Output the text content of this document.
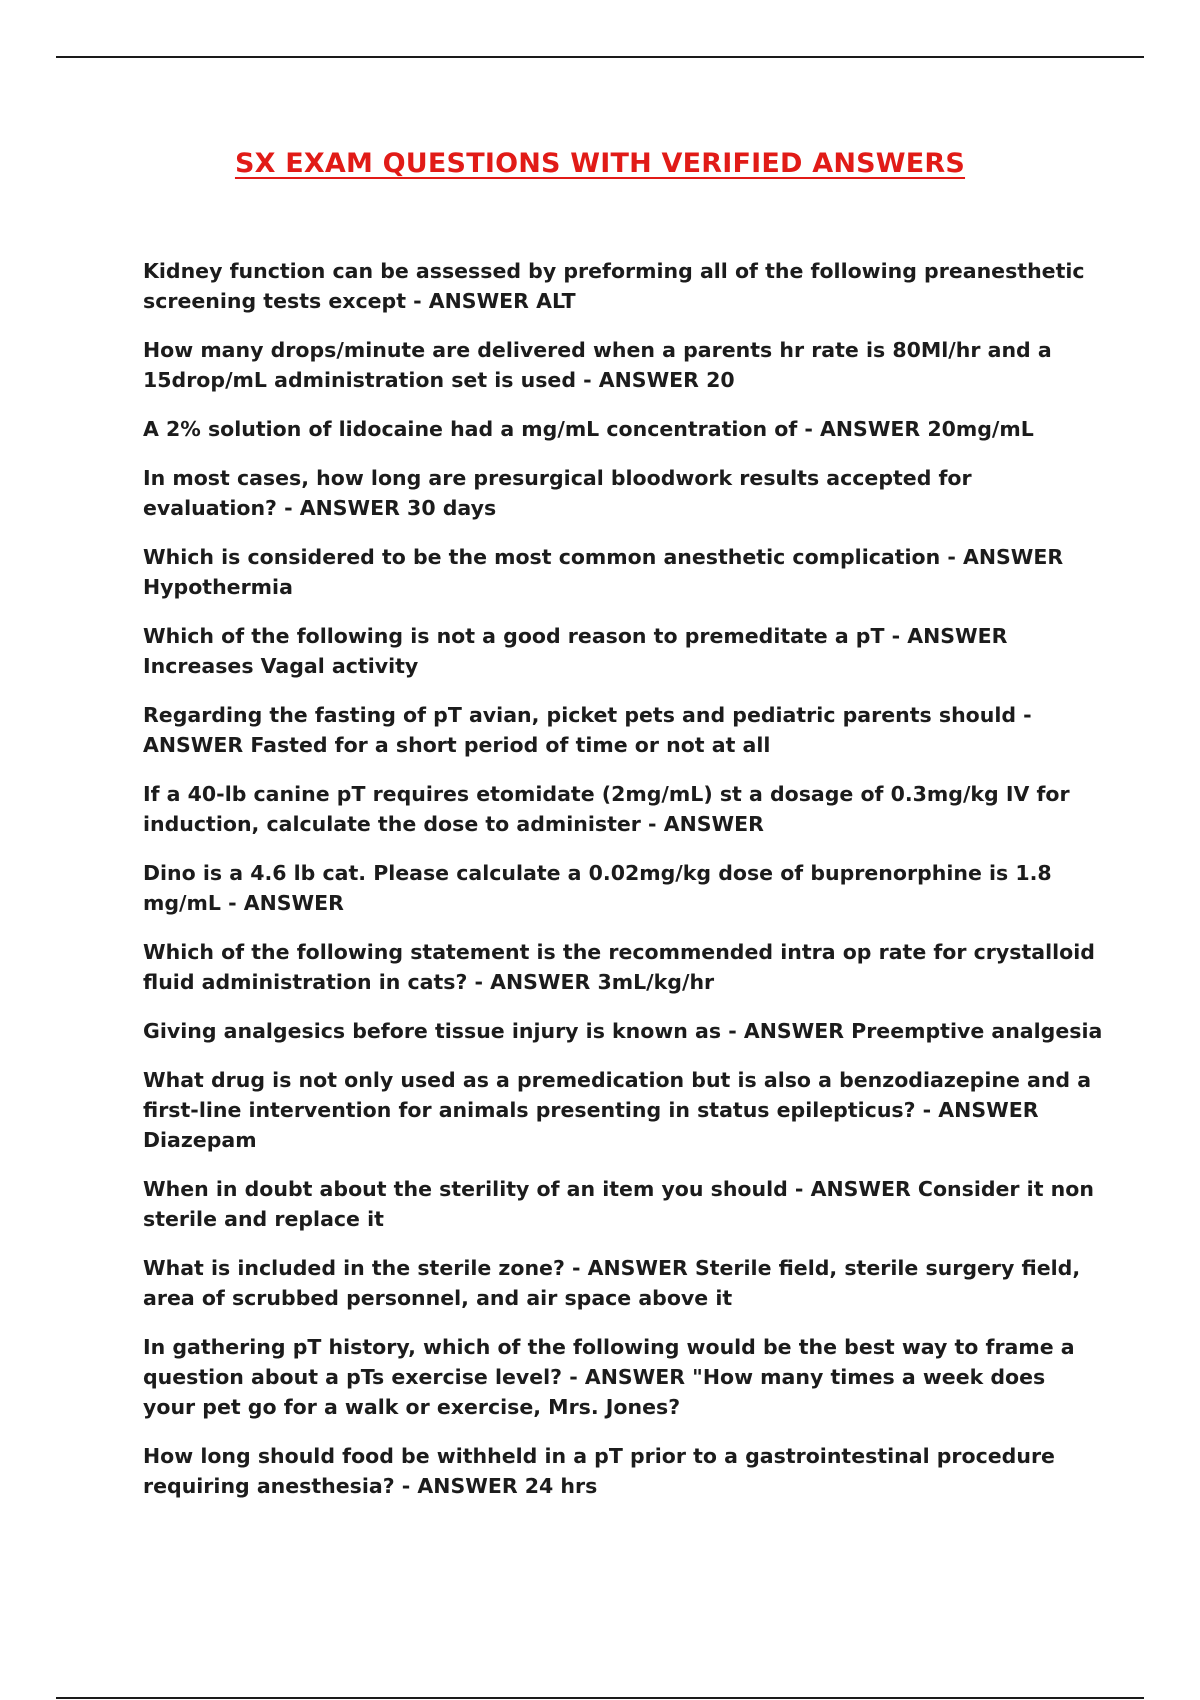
SX EXAM QUESTIONS WITH VERIFIED ANSWERS

Kidney function can be assessed by preforming all of the following preanesthetic screening tests except - ANSWER ALT

How many drops/minute are delivered when a parents hr rate is 80Ml/hr and a 15drop/mL administration set is used - ANSWER 20

A 2% solution of lidocaine had a mg/mL concentration of - ANSWER 20mg/mL

In most cases, how long are presurgical bloodwork results accepted for evaluation? - ANSWER 30 days

Which is considered to be the most common anesthetic complication - ANSWER Hypothermia

Which of the following is not a good reason to premeditate a pT - ANSWER Increases Vagal activity

Regarding the fasting of pT avian, picket pets and pediatric parents should - ANSWER Fasted for a short period of time or not at all

If a 40-lb canine pT requires etomidate (2mg/mL) st a dosage of 0.3mg/kg IV for induction, calculate the dose to administer - ANSWER

Dino is a 4.6 lb cat. Please calculate a 0.02mg/kg dose of buprenorphine is 1.8 mg/mL - ANSWER

Which of the following statement is the recommended intra op rate for crystalloid fluid administration in cats? - ANSWER 3mL/kg/hr

Giving analgesics before tissue injury is known as - ANSWER Preemptive analgesia

What drug is not only used as a premedication but is also a benzodiazepine and a first-line intervention for animals presenting in status epilepticus? - ANSWER Diazepam

When in doubt about the sterility of an item you should - ANSWER Consider it non sterile and replace it

What is included in the sterile zone? - ANSWER Sterile field, sterile surgery field, area of scrubbed personnel, and air space above it

In gathering pT history, which of the following would be the best way to frame a question about a pTs exercise level? - ANSWER "How many times a week does your pet go for a walk or exercise, Mrs. Jones?

How long should food be withheld in a pT prior to a gastrointestinal procedure requiring anesthesia? - ANSWER 24 hrs
